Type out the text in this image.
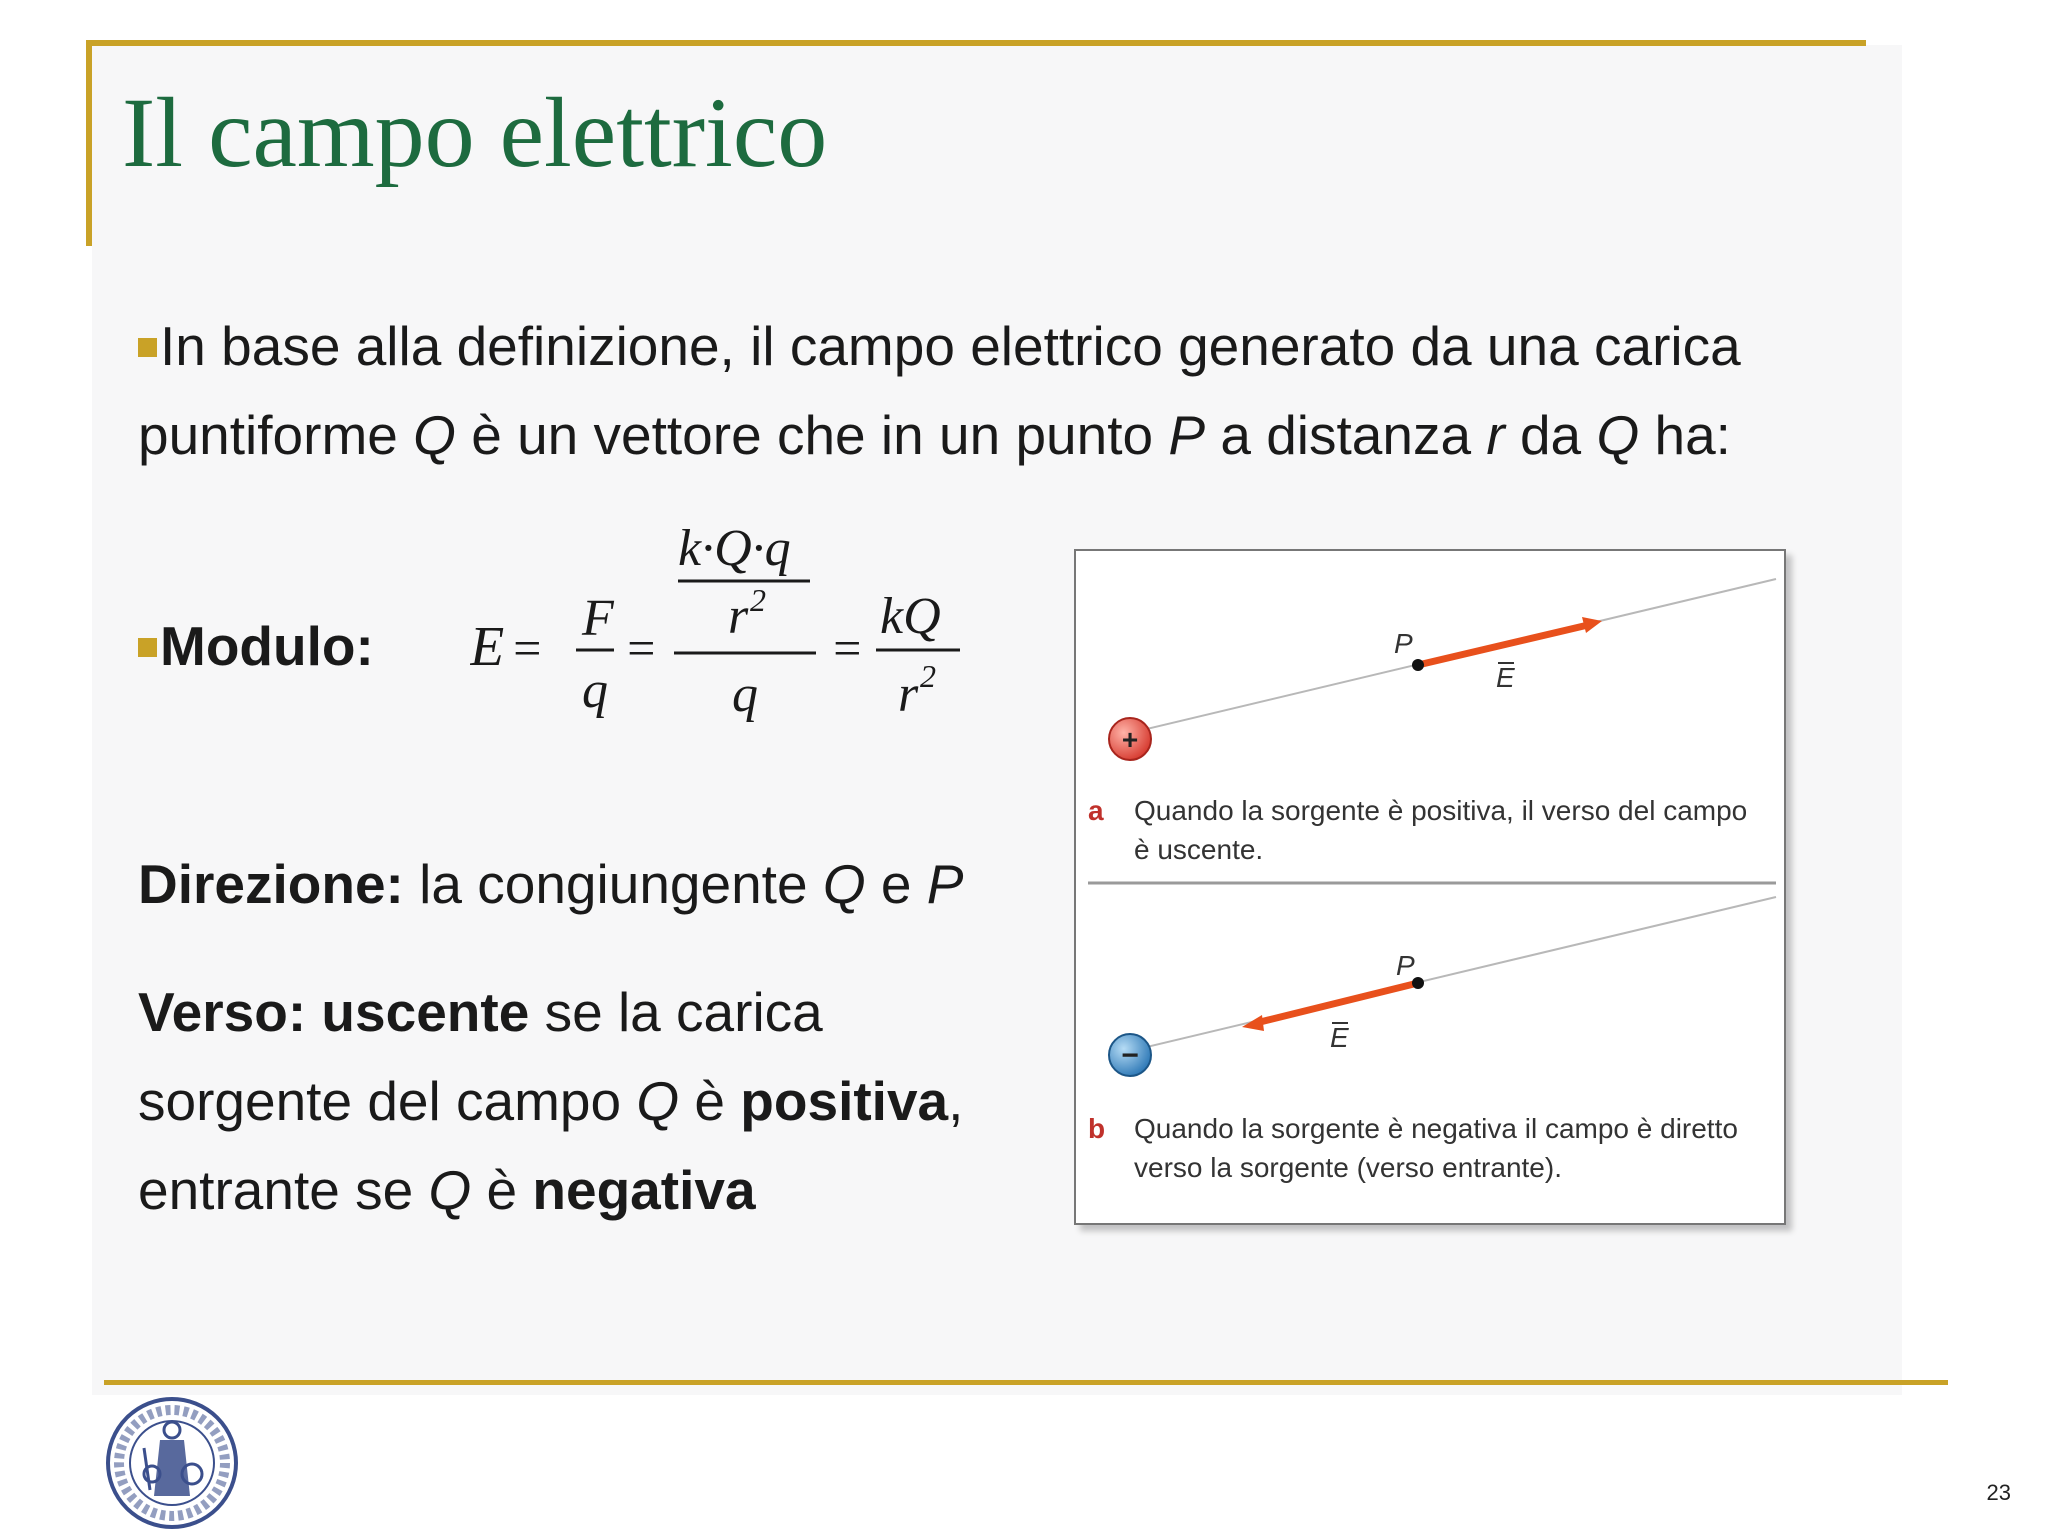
Il campo elettrico

In base alla definizione, il campo elettrico generato da una carica puntiforme Q è un vettore che in un punto P a distanza r da Q ha:

Modulo: E =
F
q
=
k·Q·q
r 2
q
=
kQ
r 2
Direzione: la congiungente Q e P

Verso: uscente se la carica sorgente del campo Q è positiva, entrante se Q è negativa

P
E
+
P
E
−
a Quando la sorgente è positiva, il verso del campo
è uscente.
b Quando la sorgente è negativa il campo è diretto
verso la sorgente (verso entrante).
23
